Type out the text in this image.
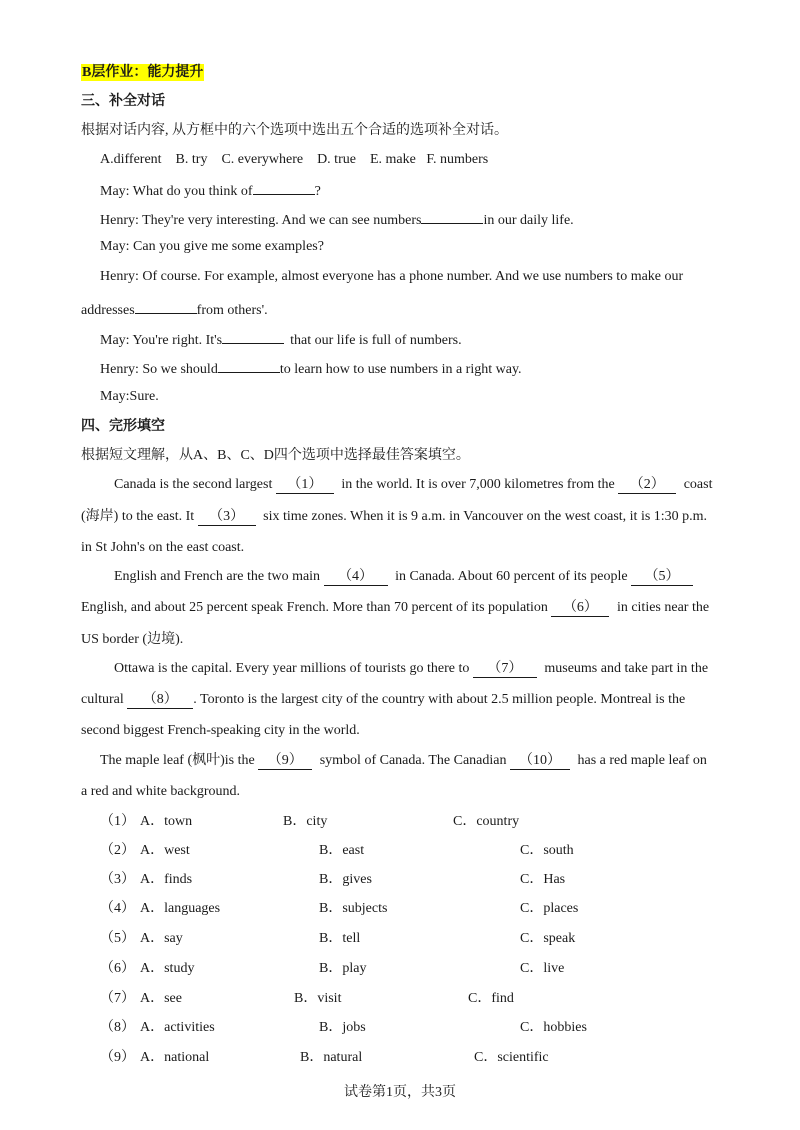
B层作业：能力提升
三、补全对话
根据对话内容, 从方框中的六个选项中选出五个合适的选项补全对话。
A.different    B. try    C. everywhere    D. true    E. make   F. numbers
May: What do you think of	?
Henry: They're very interesting. And we can see numbers	in our daily life.
May: Can you give me some examples?
Henry: Of course. For example, almost everyone has a phone number. And we use numbers to make our
addresses	from others'.
May: You're right. It's	that our life is full of numbers.
Henry: So we should	to learn how to use numbers in a right way.
May:Sure.
四、完形填空
根据短文理解，从A、B、C、D四个选项中选择最佳答案填空。
Canada is the second largest （1） in the world. It is over 7,000 kilometres from the （2） coast
(海岸) to the east. It （3） six time zones. When it is 9 a.m. in Vancouver on the west coast, it is 1:30 p.m.
in St John's on the east coast.
English and French are the two main （4） in Canada. About 60 percent of its people （5）
English, and about 25 percent speak French. More than 70 percent of its population （6） in cities near the
US border (边境).
Ottawa is the capital. Every year millions of tourists go there to （7） museums and take part in the
cultural （8） . Toronto is the largest city of the country with about 2.5 million people. Montreal is the
second biggest French-speaking city in the world.
The maple leaf (枫叶)is the （9） symbol of Canada. The Canadian （10） has a red maple leaf on
a red and white background.
（1） A．town	B．city	C．country
（2） A．west	B．east	C．south
（3） A．finds	B．gives	C．Has
（4） A．languages	B．subjects	C．places
（5） A．say	B．tell	C．speak
（6） A．study	B．play	C．live
（7） A．see	B．visit	C．find
（8） A．activities	B．jobs	C．hobbies
（9） A．national	B．natural	C．scientific
试卷第1页，共3页
